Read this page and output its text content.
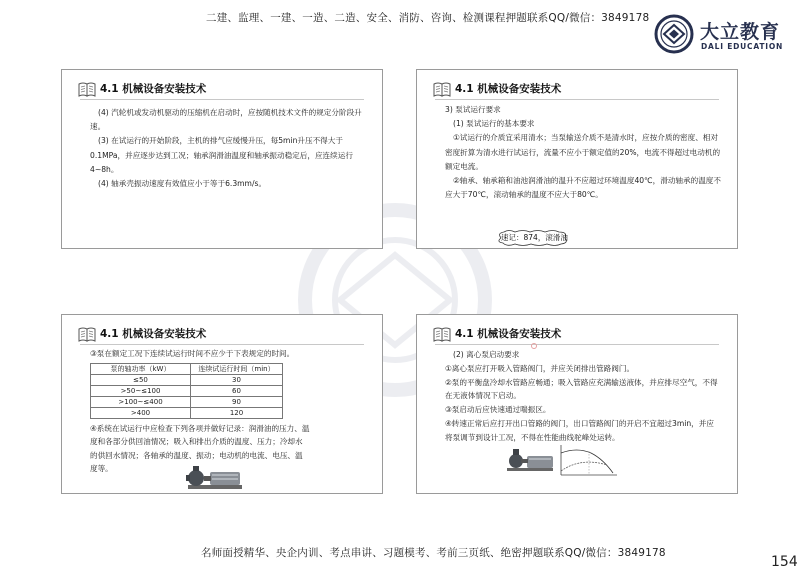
二建、监理、一建、一造、二造、安全、消防、咨询、检测课程押题联系QQ/微信：3849178
大立教育
DALI EDUCATION
4.1 机械设备安装技术

(4) 汽轮机或发动机驱动的压缩机在启动时，应按随机技术文件的规定分阶段升速。

(3) 在试运行的开始阶段，主机的排气应缓慢升压，每5min升压不得大于0.1MPa，并应逐步达到工况；轴承润滑油温度和轴承振动稳定后，应连续运行4~8h。

(4) 轴承壳振动速度有效值应小于等于6.3mm/s。

4.1 机械设备安装技术

3) 泵试运行要求

(1) 泵试运行的基本要求

①试运行的介质宜采用清水；当泵输送介质不是清水时，应按介质的密度、相对密度折算为清水进行试运行，流量不应小于额定值的20%，电流不得超过电动机的额定电流。

②轴承、轴承箱和油池润滑油的温升不应超过环境温度40℃，滑动轴承的温度不应大于70℃，滚动轴承的温度不应大于80℃。

速记：874，滚滑油
4.1 机械设备安装技术

③泵在额定工况下连续试运行时间不应少于下表规定的时间。

泵的轴功率（kW）	连续试运行时间（min）
≤50	30
>50~≤100	60
>100~≤400	90
>400	120

④系统在试运行中应检查下列各项并做好记录：润滑油的压力、温度和各部分供回油情况；吸入和排出介质的温度、压力；冷却水的供回水情况；各轴承的温度、振动；电动机的电流、电压、温度等。

4.1 机械设备安装技术

(2) 离心泵启动要求

①离心泵应打开吸入管路阀门，并应关闭排出管路阀门。

②泵的平衡盘冷却水管路应畅通；吸入管路应充满输送液体，并应排尽空气，不得在无液体情况下启动。

③泵启动后应快速通过喘振区。

④转速正常后应打开出口管路的阀门，出口管路阀门的开启不宜超过3min，并应将泵调节到设计工况，不得在性能曲线驼峰处运转。

名师面授精华、央企内训、考点串讲、习题模考、考前三页纸、绝密押题联系QQ/微信：3849178
154
